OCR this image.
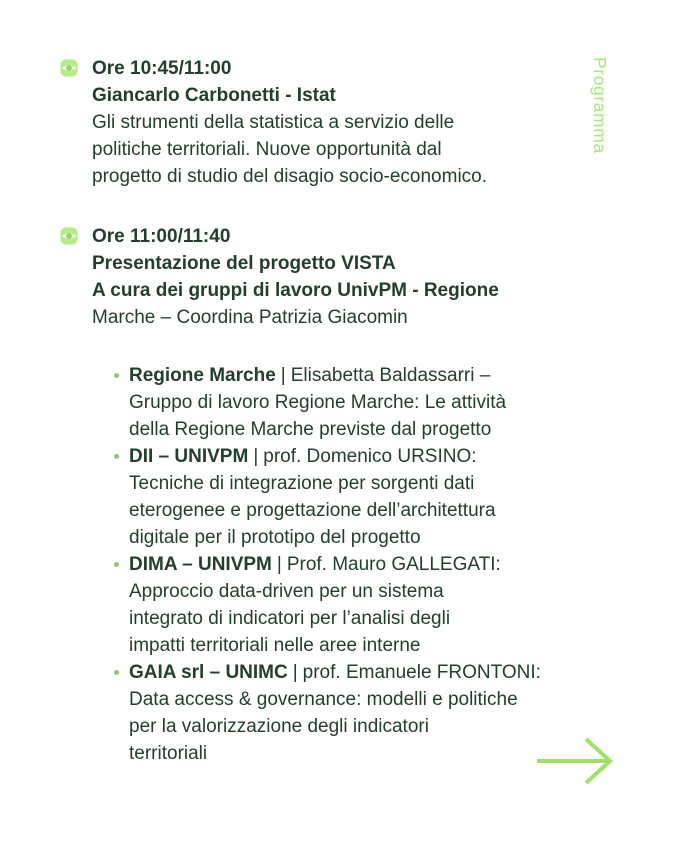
Programma
Ore 10:45/11:00
Giancarlo Carbonetti - Istat
Gli strumenti della statistica a servizio delle
politiche territoriali. Nuove opportunità dal
progetto di studio del disagio socio-economico.
Ore 11:00/11:40
Presentazione del progetto VISTA
A cura dei gruppi di lavoro UnivPM - Regione
Marche – Coordina Patrizia Giacomin
Regione Marche | Elisabetta Baldassarri –
Gruppo di lavoro Regione Marche: Le attività
della Regione Marche previste dal progetto
DII – UNIVPM | prof. Domenico URSINO:
Tecniche di integrazione per sorgenti dati
eterogenee e progettazione dell’architettura
digitale per il prototipo del progetto
DIMA – UNIVPM | Prof. Mauro GALLEGATI:
Approccio data-driven per un sistema
integrato di indicatori per l’analisi degli
impatti territoriali nelle aree interne
GAIA srl – UNIMC | prof. Emanuele FRONTONI:
Data access & governance: modelli e politiche
per la valorizzazione degli indicatori
territoriali
